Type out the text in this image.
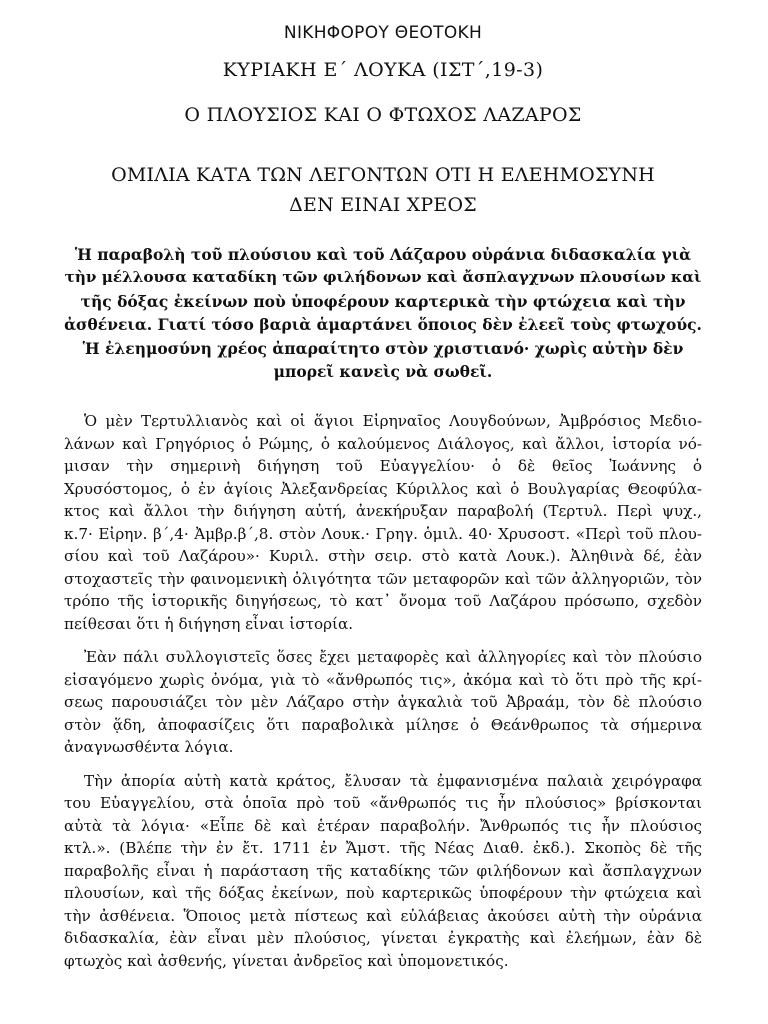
ΝΙΚΗΦΟΡΟΥ ΘΕΟΤΟΚΗ

ΚΥΡΙΑΚΗ Ε΄ ΛΟΥΚΑ (ΙΣΤ΄,19-3)

Ο ΠΛΟΥΣΙΟΣ ΚΑΙ Ο ΦΤΩΧΟΣ ΛΑΖΑΡΟΣ

ΟΜΙΛΙΑ ΚΑΤΑ ΤΩΝ ΛΕΓΟΝΤΩΝ ΟΤΙ Η ΕΛΕΗΜΟΣΥΝΗ
ΔΕΝ ΕΙΝΑΙ ΧΡΕΟΣ

Ἡ παραβολὴ τοῦ πλούσιου καὶ τοῦ Λάζαρου οὐράνια διδασκαλία γιὰ
τὴν μέλλουσα καταδίκη τῶν φιλήδονων καὶ ἄσπλαγχνων πλουσίων καὶ
τῆς δόξας ἐκείνων ποὺ ὑποφέρουν καρτερικὰ τὴν φτώχεια καὶ τὴν
ἀσθένεια. Γιατί τόσο βαριὰ ἁμαρτάνει ὅποιος δὲν ἐλεεῖ τοὺς φτωχούς.
Ἡ ἐλεημοσύνη χρέος ἀπαραίτητο στὸν χριστιανό· χωρὶς αὐτὴν δὲν
μπορεῖ κανεὶς νὰ σωθεῖ.
Ὁ μὲν Τερτυλλιανὸς καὶ οἱ ἅγιοι Εἰρηναῖος Λουγδούνων, Ἀμβρόσιος Μεδιο-
λάνων καὶ Γρηγόριος ὁ Ρώμης, ὁ καλούμενος Διάλογος, καὶ ἄλλοι, ἱστορία νό-
μισαν τὴν σημερινὴ διήγηση τοῦ Εὐαγγελίου· ὁ δὲ θεῖος Ἰωάννης ὁ
Χρυσόστομος, ὁ ἐν ἁγίοις Ἀλεξανδρείας Κύριλλος καὶ ὁ Βουλγαρίας Θεοφύλα-
κτος καὶ ἄλλοι τὴν διήγηση αὐτή, ἀνεκήρυξαν παραβολή (Τερτυλ. Περὶ ψυχ.,
κ.7· Εἰρην. β΄,4· Ἀμβρ.β΄,8. στὸν Λουκ.· Γρηγ. ὁμιλ. 40· Χρυσοστ. «Περὶ τοῦ πλου-
σίου καὶ τοῦ Λαζάρου»· Κυριλ. στὴν σειρ. στὸ κατὰ Λουκ.). Ἀληθινὰ δέ, ἐὰν
στοχαστεῖς τὴν φαινομενικὴ ὀλιγότητα τῶν μεταφορῶν καὶ τῶν ἀλληγοριῶν, τὸν
τρόπο τῆς ἱστορικῆς διηγήσεως, τὸ κατ᾿ ὄνομα τοῦ Λαζάρου πρόσωπο, σχεδὸν
πείθεσαι ὅτι ἡ διήγηση εἶναι ἱστορία.
Ἐὰν πάλι συλλογιστεῖς ὅσες ἔχει μεταφορὲς καὶ ἀλληγορίες καὶ τὸν πλούσιο
εἰσαγόμενο χωρὶς ὀνόμα, γιὰ τὸ «ἄνθρωπός τις», ἀκόμα καὶ τὸ ὅτι πρὸ τῆς κρί-
σεως παρουσιάζει τὸν μὲν Λάζαρο στὴν ἀγκαλιὰ τοῦ Ἀβραάμ, τὸν δὲ πλούσιο
στὸν ᾅδη, ἀποφασίζεις ὅτι παραβολικὰ μίλησε ὁ Θεάνθρωπος τὰ σήμερινα
ἀναγνωσθέντα λόγια.
Τὴν ἀπορία αὐτὴ κατὰ κράτος, ἔλυσαν τὰ ἐμφανισμένα παλαιὰ χειρόγραφα
του Εὐαγγελίου, στὰ ὁποῖα πρὸ τοῦ «ἄνθρωπός τις ἦν πλούσιος» βρίσκονται
αὐτὰ τὰ λόγια· «Εἶπε δὲ καὶ ἑτέραν παραβολήν. Ἄνθρωπός τις ἦν πλούσιος
κτλ.». (Βλέπε τὴν ἐν ἔτ. 1711 ἐν Ἄμστ. τῆς Νέας Διαθ. ἐκδ.). Σκοπὸς δὲ τῆς
παραβολῆς εἶναι ἡ παράσταση τῆς καταδίκης τῶν φιλήδονων καὶ ἄσπλαγχνων
πλουσίων, καὶ τῆς δόξας ἐκείνων, ποὺ καρτερικῶς ὑποφέρουν τὴν φτώχεια καὶ
τὴν ἀσθένεια. Ὅποιος μετὰ πίστεως καὶ εὐλάβειας ἀκούσει αὐτὴ τὴν οὐράνια
διδασκαλία, ἐὰν εἶναι μὲν πλούσιος, γίνεται ἐγκρατὴς καὶ ἐλεήμων, ἐὰν δὲ
φτωχὸς καὶ ἀσθενής, γίνεται ἀνδρεῖος καὶ ὑπομονετικός.
